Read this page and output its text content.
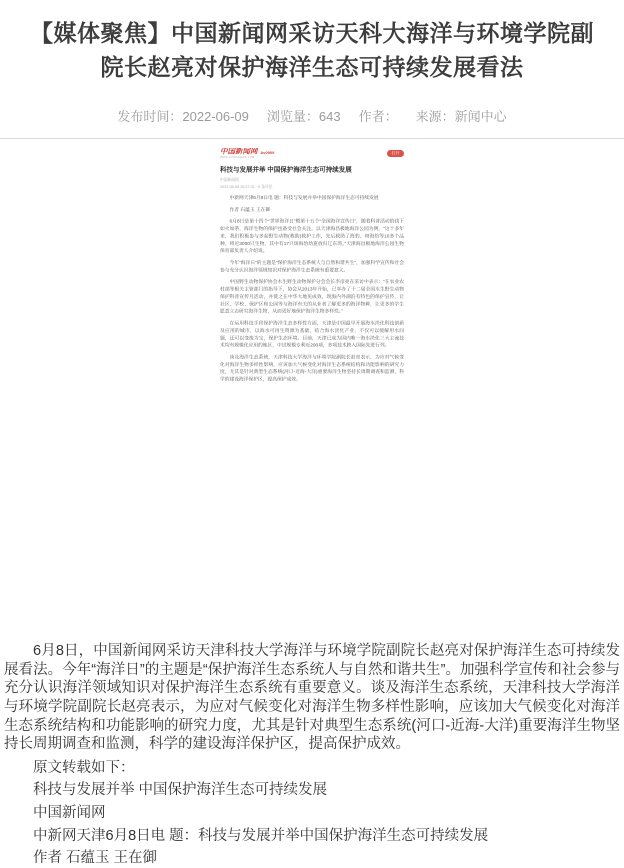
【媒体聚焦】中国新闻网采访天科大海洋与环境学院副院长赵亮对保护海洋生态可持续发展看法
发布时间：2022-06-09 浏览量：643 作者： 来源：新闻中心
中国新闻网
WWW.CHINANEWS.COM
Av0909	打开
科技与发展并举 中国保护海洋生态可持续发展
中国新闻网
2022-06-08 20:27:31 · 0 条评论

中新网天津6月8日电 题：科技与发展并举中国保护海洋生态可持续发展

作者 石蕴玉 王在御

6月8日是第十四个“世界海洋日”暨第十五个“全国海洋宣传日”，随着科普活动的线下如火如荼，海洋生物的保护也备受社会关注。以天津海昌极地海洋公园为例，“这十多年来，我们积极参与多起野生动物(救助)救护工作，先后救助了海豹、斑海豹等10多个品种，将近3000只生物，其中有17只斑海豹幼崽放归辽东湾。”天津海昌极地海洋公园生物保育部负责人介绍说。

今年“海洋日”的主题是“保护海洋生态系统人与自然和谐共生”，加强科学宣传和社会参与充分认识海洋领域知识对保护海洋生态系统有重要意义。

中国野生动物保护协会水生野生动物保护分会会长李彦亮在采访中表示：“在农业农村部等相关主管部门的指导下，协会从2013年开始，已举办了十二届全国水生野生动物保护科普宣传月活动，并使之在中华大地见成效，现海内外湖泊有特色的保护宣传，让社区、学校、保护区和公园等与海洋有关的从业者了解更多的海洋物种，让更多的学生愿意立志研究海洋生物，从而更好地保护海洋生物多样性。”

在运用科技手段保护海洋生态多样性方面，天津是中国最早开展海水淡化科技创新及应用的城市，以海水可再生资源为基础，结合海水淡化产业，不仅可以缓解用水问题，还可以变废为宝，保护生态环境。目前，天津已成为国内唯一海水淡化三大主流技术均有规模化应用的地区，中试规模专利近200项，多项技术跨入国际先进行列。

谈及海洋生态系统，天津科技大学海洋与环境学院副院长赵亮表示，为应对气候变化对海洋生物多样性影响，应该加大气候变化对海洋生态系统结构和功能影响的研究力度，尤其是针对典型生态系统(河口-近海-大洋)重要海洋生物坚持长周期调查和监测，科学的建设海洋保护区，提高保护成效。

6月8日，中国新闻网采访天津科技大学海洋与环境学院副院长赵亮对保护海洋生态可持续发展看法。今年“海洋日”的主题是“保护海洋生态系统人与自然和谐共生”。加强科学宣传和社会参与充分认识海洋领域知识对保护海洋生态系统有重要意义。谈及海洋生态系统，天津科技大学海洋与环境学院副院长赵亮表示，为应对气候变化对海洋生物多样性影响，应该加大气候变化对海洋生态系统结构和功能影响的研究力度，尤其是针对典型生态系统(河口-近海-大洋)重要海洋生物坚持长周期调查和监测，科学的建设海洋保护区，提高保护成效。

原文转载如下：

科技与发展并举 中国保护海洋生态可持续发展

中国新闻网

中新网天津6月8日电 题：科技与发展并举中国保护海洋生态可持续发展

作者 石蕴玉 王在御
